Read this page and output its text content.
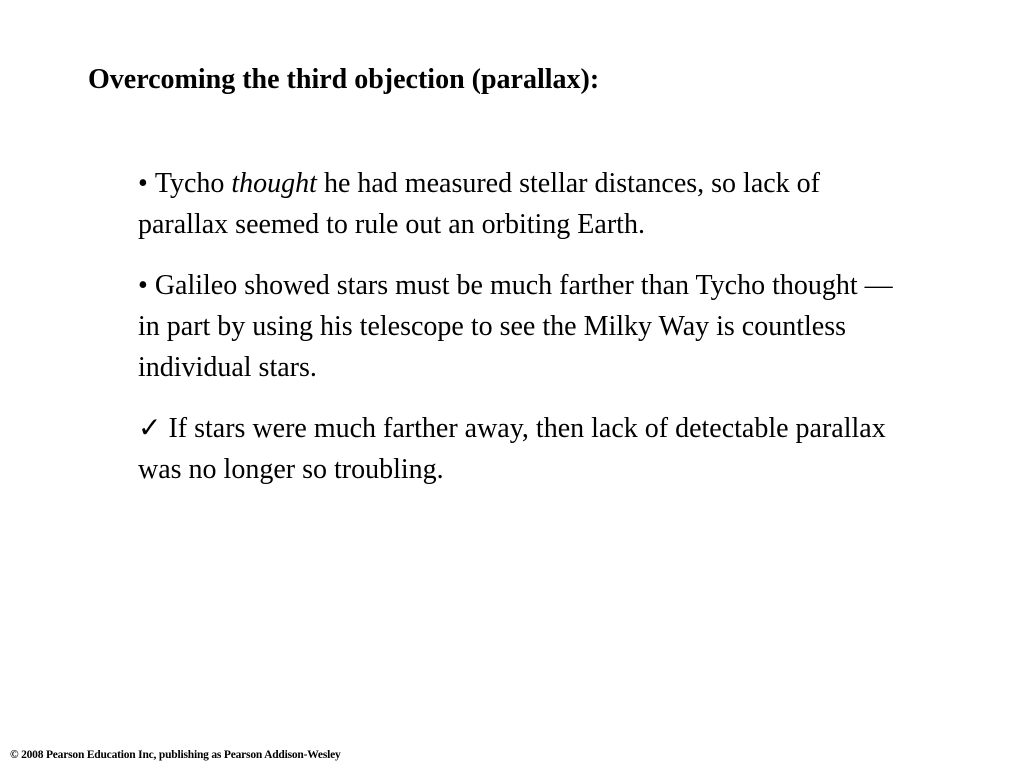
Overcoming the third objection (parallax):
• Tycho thought he had measured stellar distances, so lack of parallax seemed to rule out an orbiting Earth.
• Galileo showed stars must be much farther than Tycho thought — in part by using his telescope to see the Milky Way is countless individual stars.
✓ If stars were much farther away, then lack of detectable parallax was no longer so troubling.
© 2008 Pearson Education Inc, publishing as Pearson Addison-Wesley
